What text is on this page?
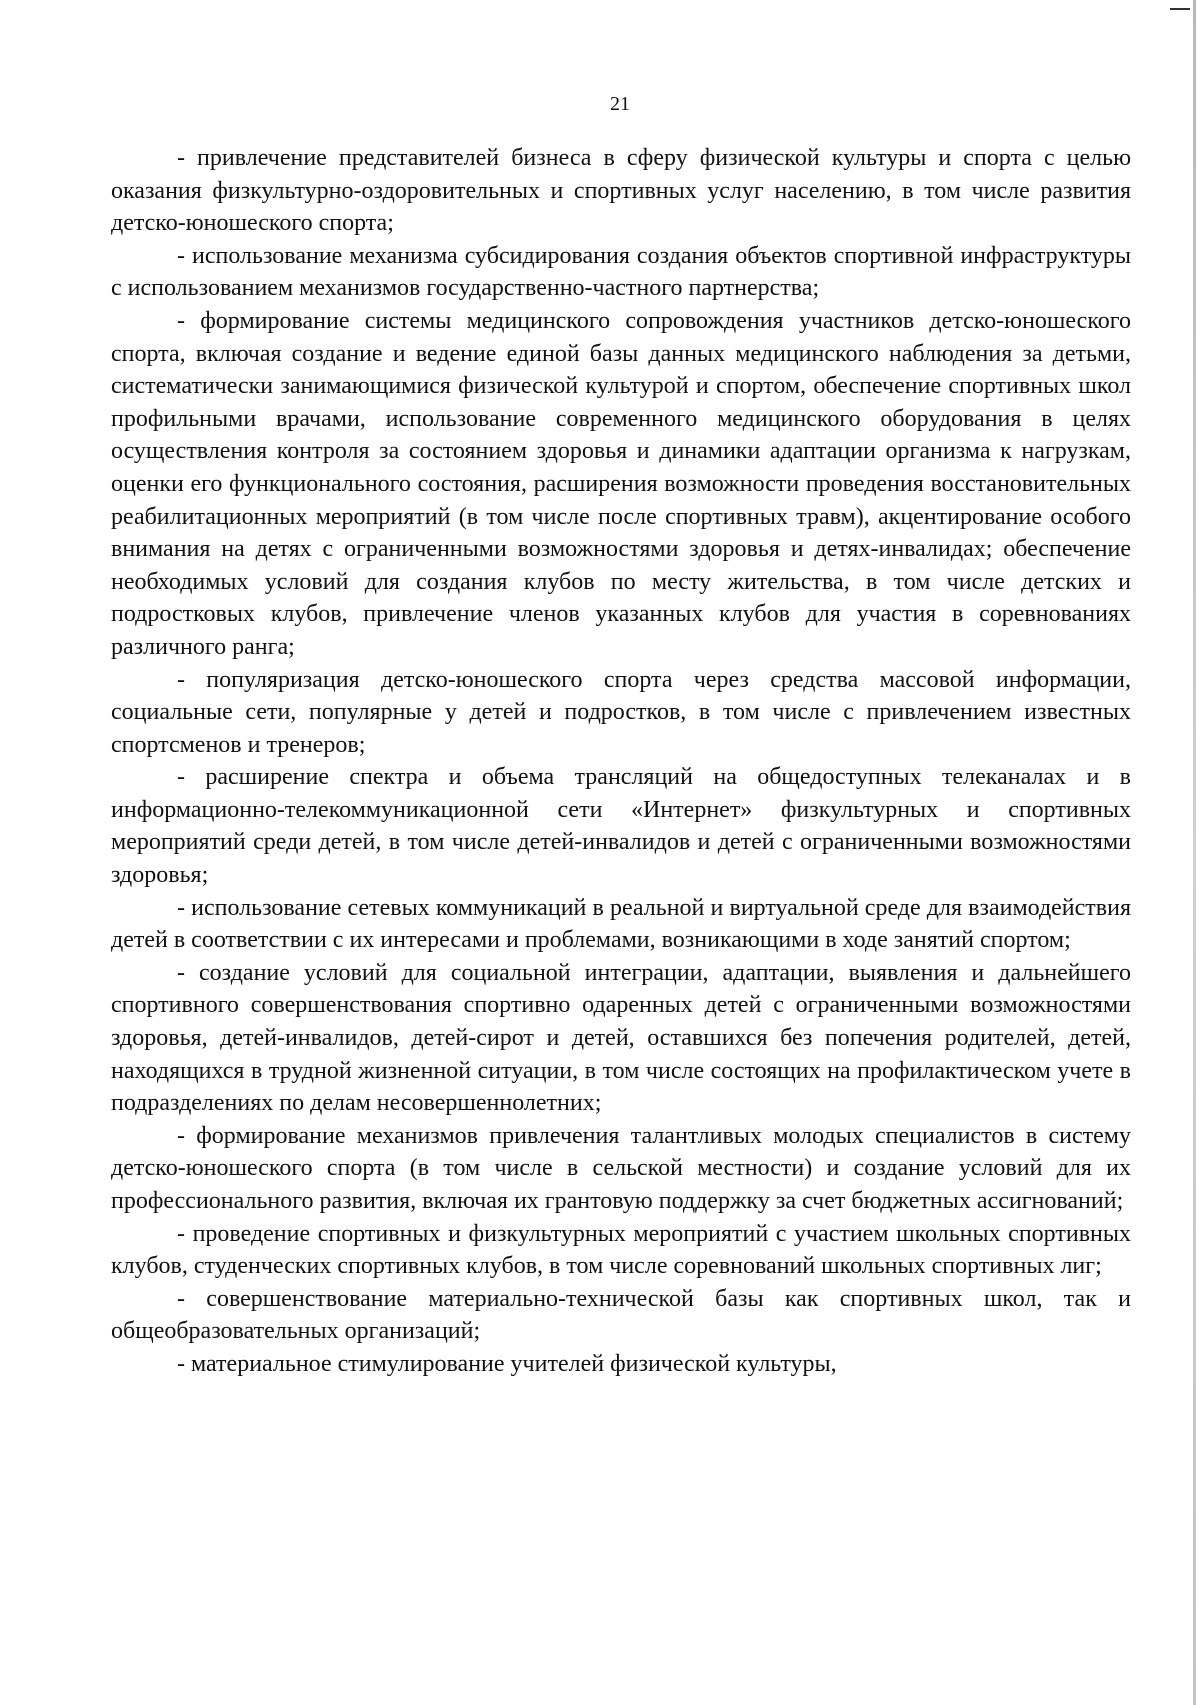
21

- привлечение представителей бизнеса в сферу физической культуры и спорта с целью оказания физкультурно-оздоровительных и спортивных услуг населению, в том числе развития детско-юношеского спорта;

- использование механизма субсидирования создания объектов спортивной инфраструктуры с использованием механизмов государственно-частного партнерства;

- формирование системы медицинского сопровождения участников детско-юношеского спорта, включая создание и ведение единой базы данных медицинского наблюдения за детьми, систематически занимающимися физической культурой и спортом, обеспечение спортивных школ профильными врачами, использование современного медицинского оборудования в целях осуществления контроля за состоянием здоровья и динамики адаптации организма к нагрузкам, оценки его функционального состояния, расширения возможности проведения восстановительных реабилитационных мероприятий (в том числе после спортивных травм), акцентирование особого внимания на детях с ограниченными возможностями здоровья и детях-инвалидах; обеспечение необходимых условий для создания клубов по месту жительства, в том числе детских и подростковых клубов, привлечение членов указанных клубов для участия в соревнованиях различного ранга;

- популяризация детско-юношеского спорта через средства массовой информации, социальные сети, популярные у детей и подростков, в том числе с привлечением известных спортсменов и тренеров;

- расширение спектра и объема трансляций на общедоступных телеканалах и в информационно-телекоммуникационной сети «Интернет» физкультурных и спортивных мероприятий среди детей, в том числе детей-инвалидов и детей с ограниченными возможностями здоровья;

- использование сетевых коммуникаций в реальной и виртуальной среде для взаимодействия детей в соответствии с их интересами и проблемами, возникающими в ходе занятий спортом;

- создание условий для социальной интеграции, адаптации, выявления и дальнейшего спортивного совершенствования спортивно одаренных детей с ограниченными возможностями здоровья, детей-инвалидов, детей-сирот и детей, оставшихся без попечения родителей, детей, находящихся в трудной жизненной ситуации, в том числе состоящих на профилактическом учете в подразделениях по делам несовершеннолетних;

- формирование механизмов привлечения талантливых молодых специалистов в систему детско-юношеского спорта (в том числе в сельской местности) и создание условий для их профессионального развития, включая их грантовую поддержку за счет бюджетных ассигнований;

- проведение спортивных и физкультурных мероприятий с участием школьных спортивных клубов, студенческих спортивных клубов, в том числе соревнований школьных спортивных лиг;

- совершенствование материально-технической базы как спортивных школ, так и общеобразовательных организаций;

- материальное стимулирование учителей физической культуры,
